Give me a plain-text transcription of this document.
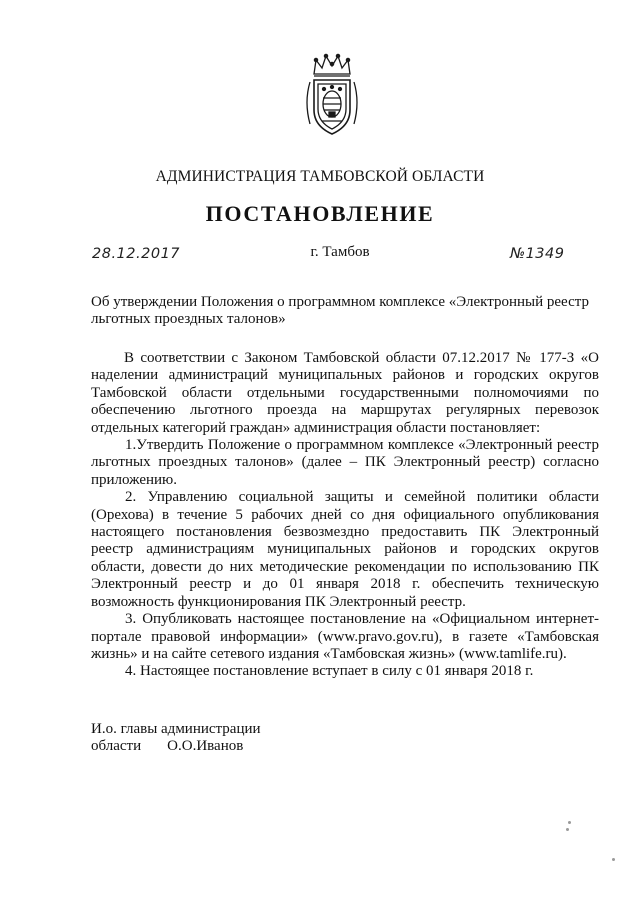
АДМИНИСТРАЦИЯ ТАМБОВСКОЙ ОБЛАСТИ
ПОСТАНОВЛЕНИЕ
28.12.2017	г. Тамбов	№1349
Об утверждении Положения о программном комплексе «Электронный реестр
льготных проездных талонов»

В соответствии с Законом Тамбовской области 07.12.2017 № 177-З «О наделении администраций муниципальных районов и городских округов Тамбовской области отдельными государственными полномочиями по обеспечению льготного проезда на маршрутах регулярных перевозок отдельных категорий граждан» администрация области постановляет:

1.Утвердить Положение о программном комплексе «Электронный реестр льготных проездных талонов» (далее – ПК Электронный реестр) согласно приложению.

2. Управлению социальной защиты и семейной политики области (Орехова) в течение 5 рабочих дней со дня официального опубликования настоящего постановления безвозмездно предоставить ПК Электронный реестр администрациям муниципальных районов и городских округов области, довести до них методические рекомендации по использованию ПК Электронный реестр и до 01 января 2018 г. обеспечить техническую возможность функционирования ПК Электронный реестр.

3. Опубликовать настоящее постановление на «Официальном интернет-портале правовой информации» (www.pravo.gov.ru), в газете «Тамбовская жизнь» и на сайте сетевого издания «Тамбовская жизнь» (www.tamlife.ru).

4. Настоящее постановление вступает в силу с 01 января 2018 г.

И.о. главы администрации
области О.О.Иванов
